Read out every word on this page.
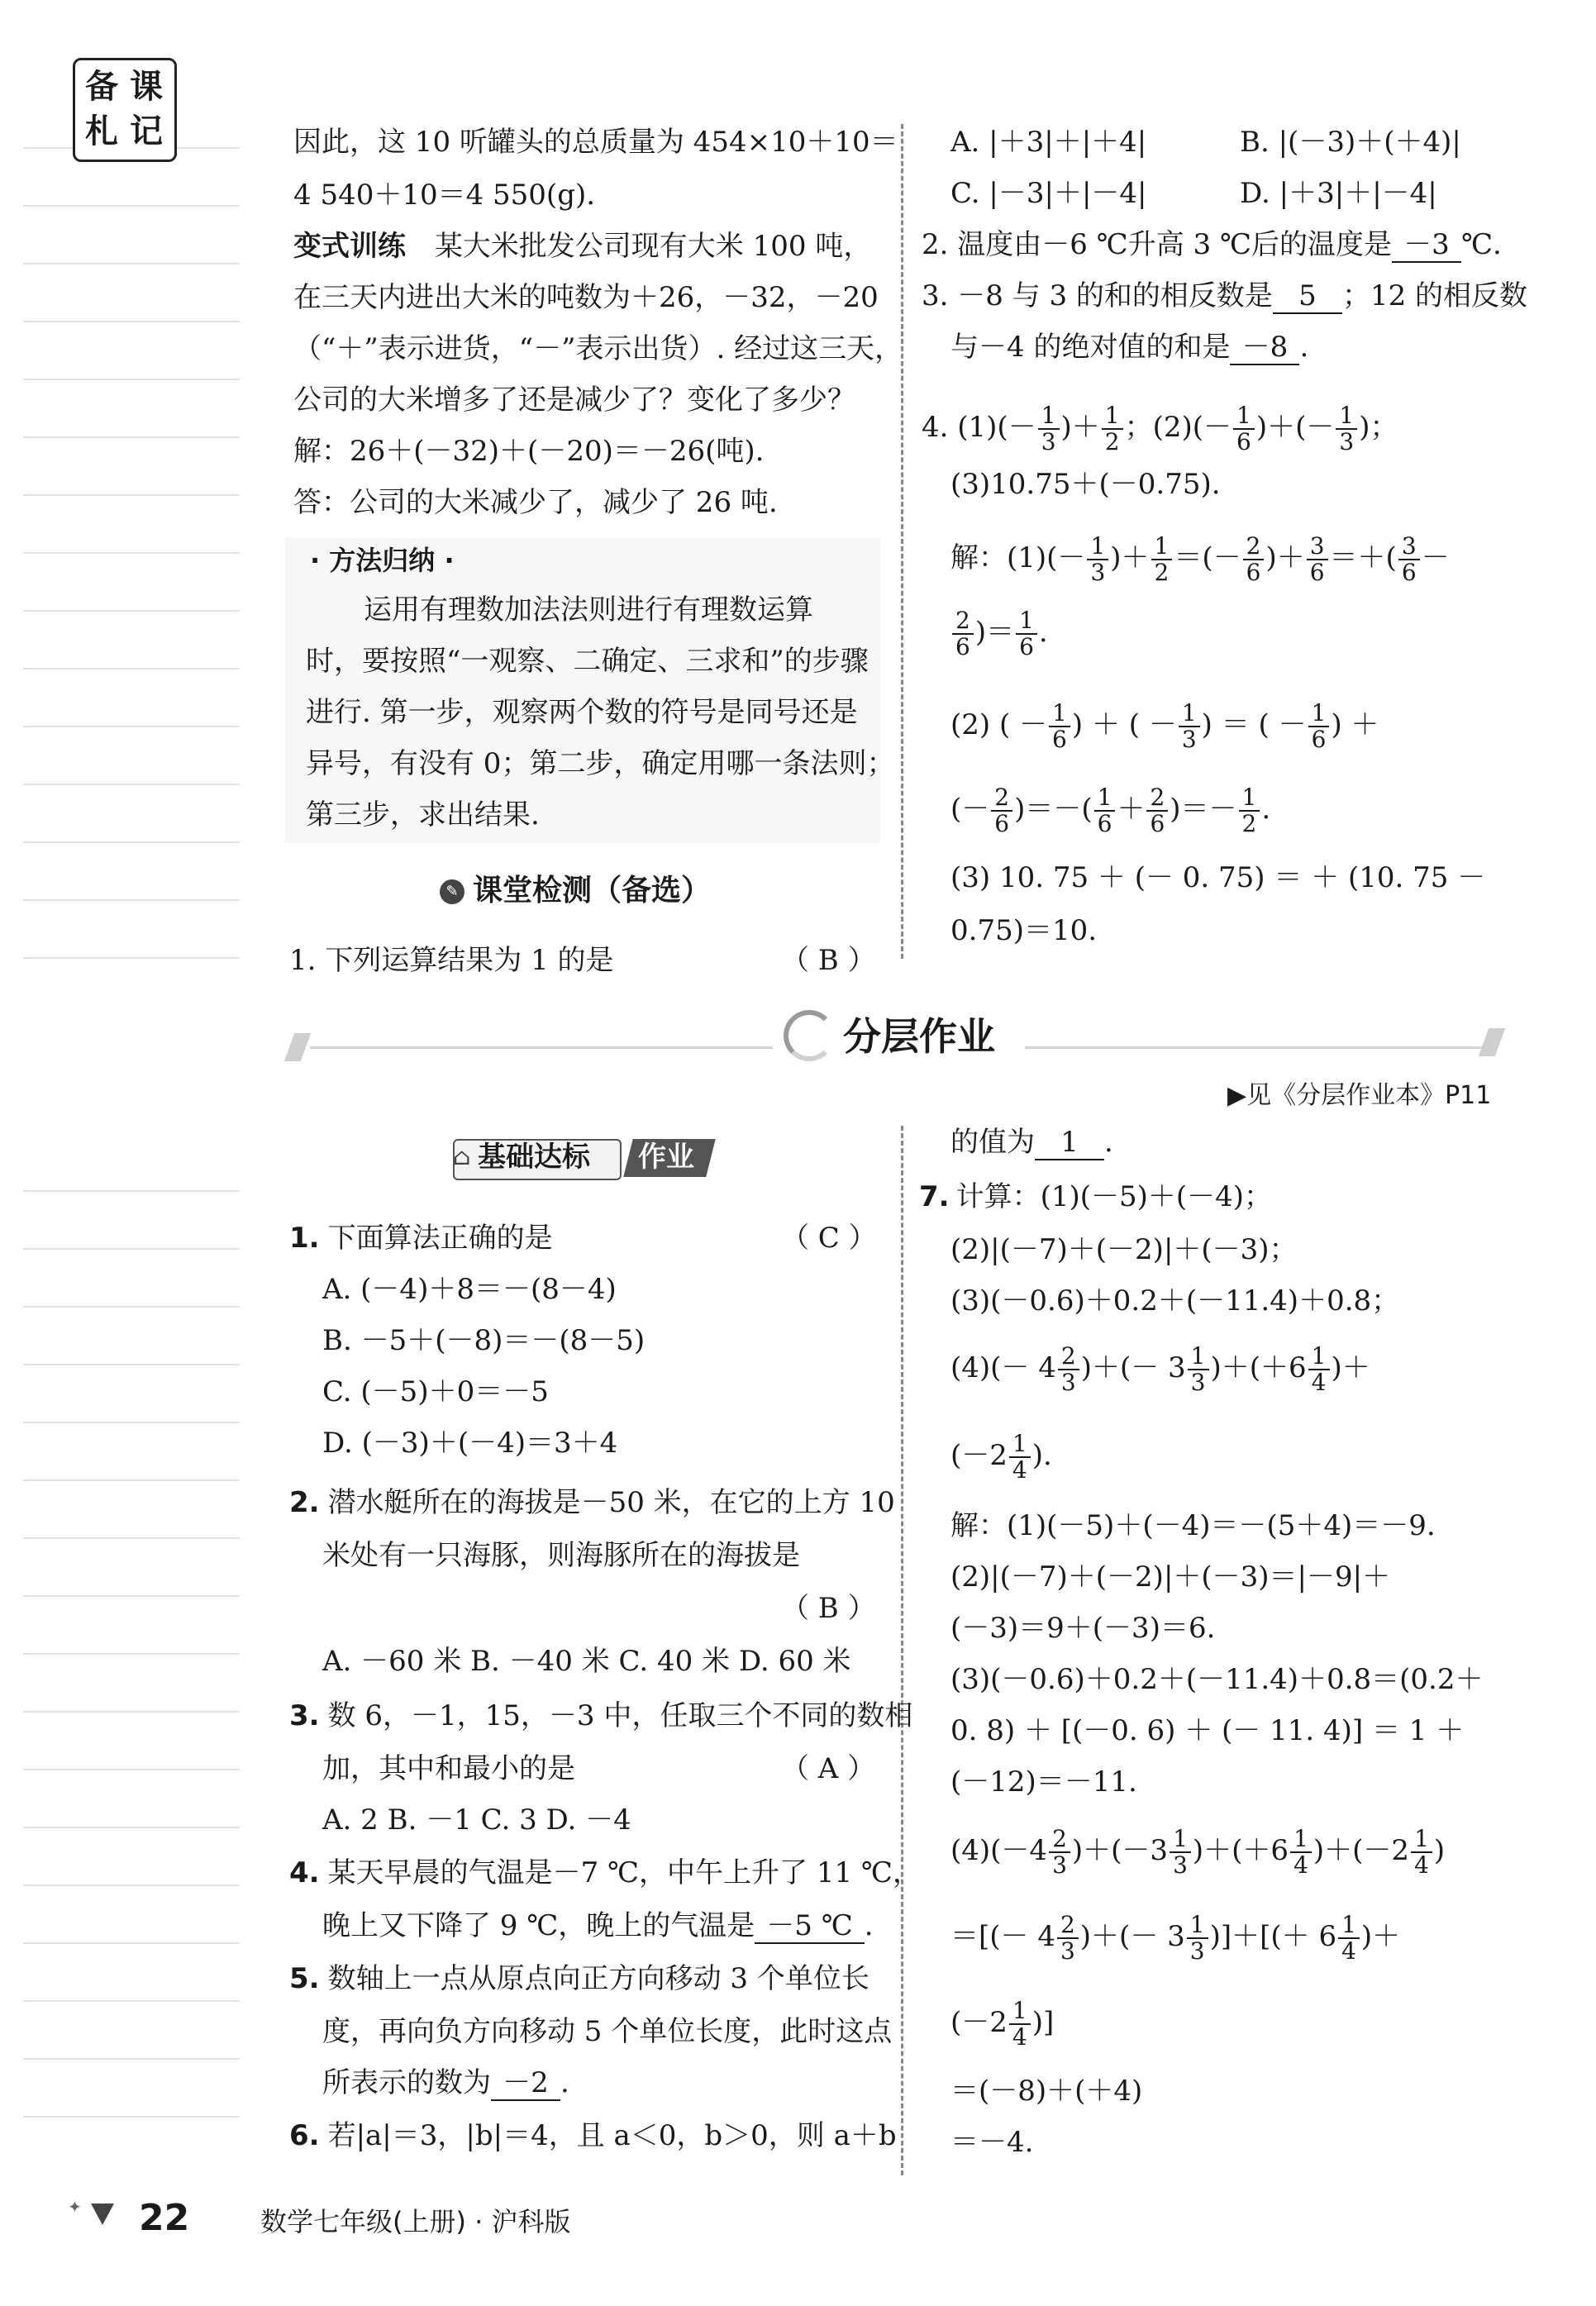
备 课
札 记	因此，这 10 听罐头的总质量为 454×10＋10＝
4 540＋10＝4 550(g).
变式训练 某大米批发公司现有大米 100 吨，
在三天内进出大米的吨数为＋26，－32，－20
（“＋”表示进货，“－”表示出货）. 经过这三天，
公司的大米增多了还是减少了？变化了多少？
解：26＋(－32)＋(－20)＝－26(吨).
答：公司的大米减少了，减少了 26 吨.
· 方法归纳 ·
运用有理数加法法则进行有理数运算
时，要按照“一观察、二确定、三求和”的步骤
进行. 第一步，观察两个数的符号是同号还是
异号，有没有 0；第二步，确定用哪一条法则；
第三步，求出结果.
✎ 课堂检测（备选）
1. 下列运算结果为 1 的是	（ B ）
A. |＋3|＋|＋4|	B. |(－3)＋(＋4)|
C. |－3|＋|－4|	D. |＋3|＋|－4|
2. 温度由－6 ℃升高 3 ℃后的温度是 －3 ℃.
3. －8 与 3 的和的相反数是 5 ；12 的相反数
与－4 的绝对值的和是 －8 .
4. $(1)(- \frac{1}{3}$ )＋ $\frac{1}{2}$ ；$(2)(- \frac{1}{6}$ )＋(－ $\frac{1}{3}$ )；
(3)10.75＋(－0.75).
解：$(1)(- \frac{1}{3}$ )＋ $\frac{1}{2}$ ＝(－ $\frac{2}{6}$ )＋ $\frac{3}{6}$ ＝＋( $\frac{3}{6}$ －
$\frac{2}{6}$ )＝ $\frac{1}{6}$ .
(2) ( － $\frac{1}{6}$ ) ＋ ( － $\frac{1}{3}$ ) ＝ ( － $\frac{1}{6}$ ) ＋
(－ $\frac{2}{6}$ )＝－( $\frac{1}{6} + \frac{2}{6}$ )＝－ $\frac{1}{2}$ .
(3) 10. 75 ＋ (－ 0. 75) ＝ ＋ (10. 75 －
0.75)＝10.
分层作业
▶见《分层作业本》P11
⌂ 基础达标 作业
1. 下面算法正确的是	（ C ）
A. (－4)＋8＝－(8－4)
B. －5＋(－8)＝－(8－5)
C. (－5)＋0＝－5
D. (－3)＋(－4)＝3＋4
2. 潜水艇所在的海拔是－50 米，在它的上方 10
米处有一只海豚，则海豚所在的海拔是
（ B ）
A. －60 米 B. －40 米 C. 40 米 D. 60 米
3. 数 6，－1，15，－3 中，任取三个不同的数相
加，其中和最小的是	（ A ）
A. 2 B. －1 C. 3 D. －4
4. 某天早晨的气温是－7 ℃，中午上升了 11 ℃，
晚上又下降了 9 ℃，晚上的气温是 －5 ℃ .
5. 数轴上一点从原点向正方向移动 3 个单位长
度，再向负方向移动 5 个单位长度，此时这点
所表示的数为 －2 .
6. 若|a|＝3，|b|＝4，且 a＜0，b＞0，则 a＋b
的值为 1 .
7. 计算：(1)(－5)＋(－4)；
(2)|(－7)＋(－2)|＋(－3)；
(3)(－0.6)＋0.2＋(－11.4)＋0.8；
$(4)(- 4 \frac{2}{3}$ )＋(－ $3 \frac{1}{3} )+(+6 \frac{1}{4}$ )＋
($-2 \frac{1}{4}$ ).
解：(1)(－5)＋(－4)＝－(5＋4)＝－9.
(2)|(－7)＋(－2)|＋(－3)＝|－9|＋
(－3)＝9＋(－3)＝6.
(3)(－0.6)＋0.2＋(－11.4)＋0.8＝(0.2＋
0. 8) ＋ [(－0. 6) ＋ (－ 11. 4)] ＝ 1 ＋
(－12)＝－11.
$(4)(-4 \frac{2}{3} )+(-3 \frac{1}{3} )+(+6 \frac{1}{4} )+(-2 \frac{1}{4}$ )
＝[(－ $4 \frac{2}{3}$ )＋(－ $3 \frac{1}{3}$ )]＋[(＋ $6 \frac{1}{4}$ )＋
($-2 \frac{1}{4}$ )]
＝(－8)＋(＋4)
＝－4.
✦ 22	数学七年级(上册) · 沪科版
